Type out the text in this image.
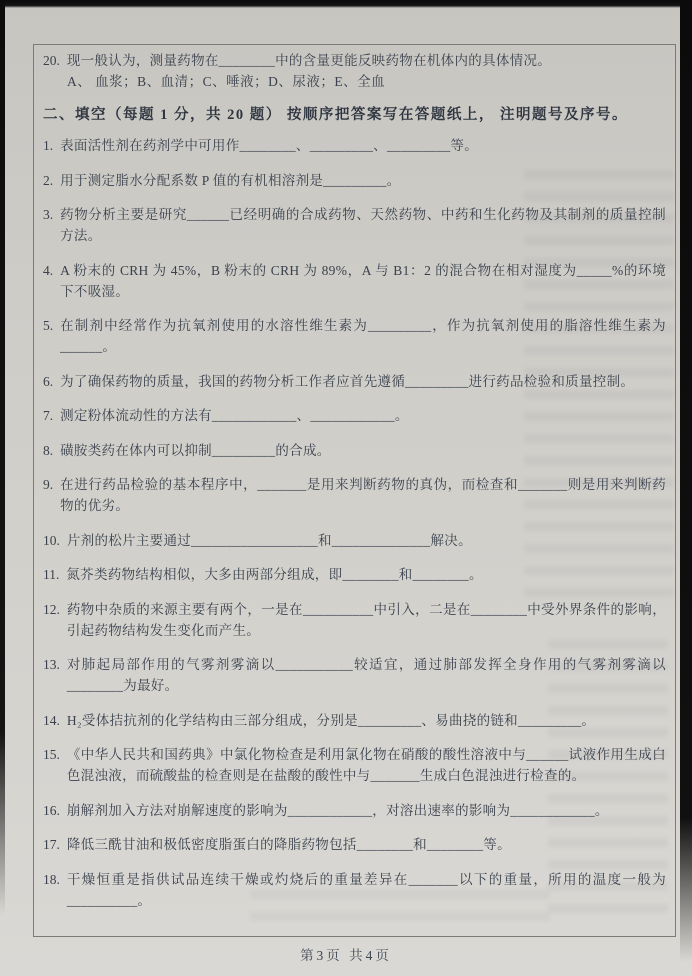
20. 现一般认为，测量药物在________中的含量更能反映药物在机体内的具体情况。
A、 血浆；B、血清；C、唾液；D、尿液；E、全血
二、填空（每题 1 分，共 20 题） 按顺序把答案写在答题纸上， 注明题号及序号。
1. 表面活性剂在药剂学中可用作________、_________、_________等。
2. 用于测定脂水分配系数 P 值的有机相溶剂是_________。
3. 药物分析主要是研究______已经明确的合成药物、天然药物、中药和生化药物及其制剂的质量控制方法。
4. A 粉末的 CRH 为 45%，B 粉末的 CRH 为 89%，A 与 B1：2 的混合物在相对湿度为_____%的环境下不吸湿。
5. 在制剂中经常作为抗氧剂使用的水溶性维生素为_________，作为抗氧剂使用的脂溶性维生素为______。
6. 为了确保药物的质量，我国的药物分析工作者应首先遵循_________进行药品检验和质量控制。
7. 测定粉体流动性的方法有____________、____________。
8. 磺胺类药在体内可以抑制_________的合成。
9. 在进行药品检验的基本程序中，_______是用来判断药物的真伪，而检查和_______则是用来判断药物的优劣。
10. 片剂的松片主要通过__________________和______________解决。
11. 氮芥类药物结构相似，大多由两部分组成，即________和________。
12. 药物中杂质的来源主要有两个，一是在__________中引入，二是在________中受外界条件的影响，引起药物结构发生变化而产生。
13. 对肺起局部作用的气雾剂雾滴以___________较适宜，通过肺部发挥全身作用的气雾剂雾滴以________为最好。
14. H₂受体拮抗剂的化学结构由三部分组成，分别是_________、易曲挠的链和_________。
15. 《中华人民共和国药典》中氯化物检查是利用氯化物在硝酸的酸性溶液中与______试液作用生成白色混浊液，而硫酸盐的检查则是在盐酸的酸性中与_______生成白色混浊进行检查的。
16. 崩解剂加入方法对崩解速度的影响为____________，对溶出速率的影响为____________。
17. 降低三酰甘油和极低密度脂蛋白的降脂药物包括________和________等。
18. 干燥恒重是指供试品连续干燥或灼烧后的重量差异在_______以下的重量，所用的温度一般为__________。
第3页 共4页
